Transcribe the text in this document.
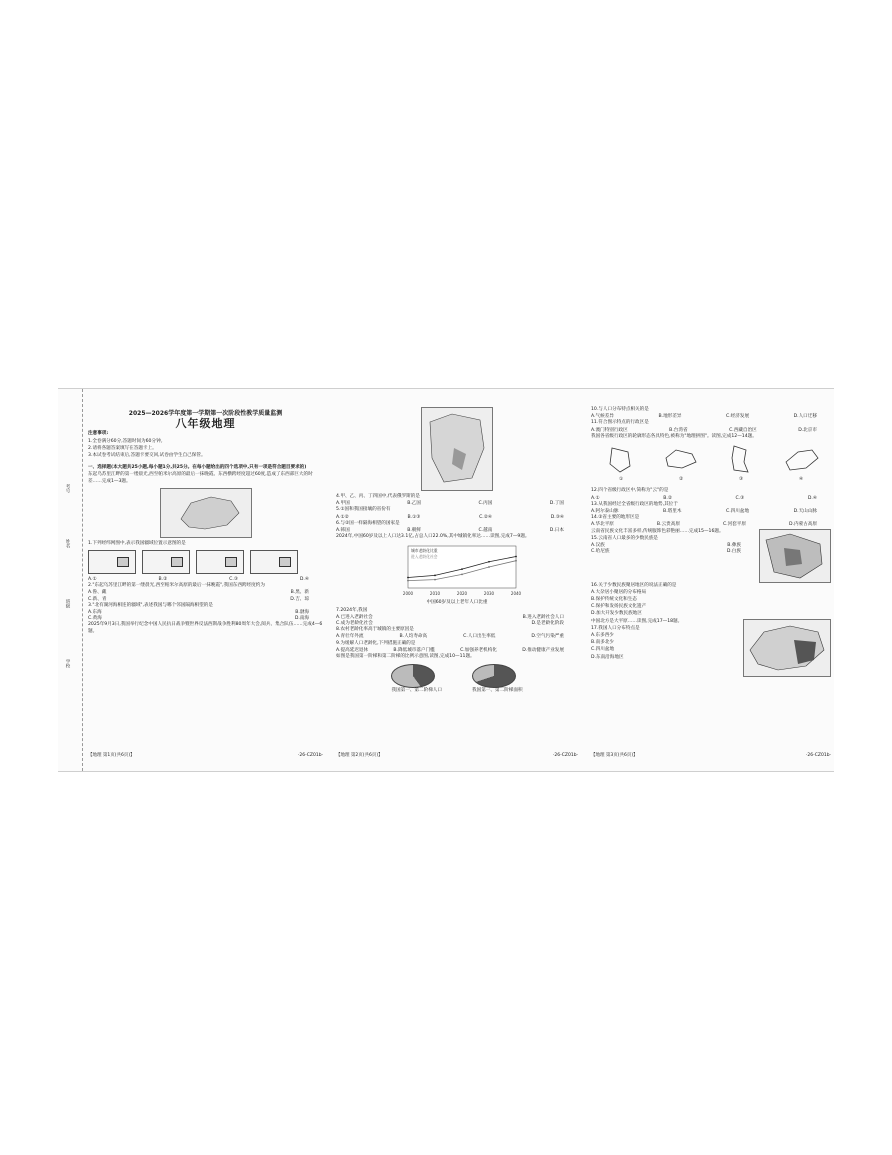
考号
姓名
班级
学校
2025—2026学年度第一学期第一次阶段性教学质量监测
八年级地理

注意事项:

1.全卷满分60分,答题时间为60分钟。

2.请将各题答案填写在答题卡上。

3.本试卷考试结束后,答题卡要交回,试卷由学生自己保管。

一、选择题(本大题共25小题,每小题1分,共25分。在每小题给出的四个选项中,只有一项是符合题目要求的)

东起乌苏里江畔的第一缕晨光,西至帕米尔高原的最后一抹晚霞。东西横跨经度超过60度,造成了东西部巨大的时差……完成1—3题。

1.下列经纬网图中,表示我国疆域位置示意图的是

A.①	B.②	C.③	D.④

2."东起乌苏里江畔的第一缕晨光,西至帕米尔高原的最后一抹晚霞",我国东西跨经度约为

A.鲁、藏	B.黑、新
C.新、青	D.吉、琼

3."北有湖河海相连的疆域",表述我国与哪个邻国隔海相望的是

A.东海	B.渤海
C.黄海	D.南海

2025年9月3日,我国举行纪念中国人民抗日战争暨世界反法西斯战争胜利80周年大会,阅兵、集合队伍……完成4—6题。

【地理 第1页(共6页)】	·26-CZ01b·

4.甲、乙、丙、丁四国中,代表俄罗斯的是

A.甲国	B.乙国	C.丙国	D.丁国

5.①国和我国接壤的省份有

A.①②	B.①③	C.②④	D.③④

6.与②国一样隔海相望的国家是

A.韩国	B.朝鲜	C.越南	D.日本

2024年,中国60岁及以上人口达3.1亿,占总人口22.0%,其中城镇化率达……读图,完成7—9题。

2000	2010	2020	2030	2040
城市老龄化比重
进入老龄化社会

中国60岁及以上老年人口比重

7.2024年,我国

A.已进入老龄社会	B.进入老龄社会人口
C.成为老龄化社会	D.是老龄化阶段

8.农村老龄化率高于城镇的主要原因是

A.青壮年外流	B.人均寿命高	C.人口出生率低	D.空气污染严重

9.为缓解人口老龄化,下列措施正确的是

A.提高延迟退休	B.降低城市落户门槛	C.加强养老机构化	D.推动健康产业发展

如图是我国第一阶梯和第二阶梯的比例示意图,读图,完成10—11题。

我国第一、第二阶梯人口	我国第一、第二阶梯面积

【地理 第2页(共6页)】	·26-CZ01b·

10.与人口分布特点相关的是

A.气候差异	B.地形差异	C.经济发展	D.人口迁移

11.符合图示特点的行政区是

A.澳门特别行政区	B.台湾省	C.西藏自治区	D.北京市

我国各省级行政区的轮廓形态各具特色,被称为"地理拼图"。读图,完成12—14题。

①	②	③	④

12.四个省级行政区中,简称为"云"的是

A.①	B.②	C.③	D.④

13.从我国经过全省级行政区的地势,其位于

A.阿尔泰山脉	B.塔里木	C.四川盆地	D.天山山脉

14.②省主要的地形区是

A.华北平原	B.云贵高原	C.河套平原	D.内蒙古高原

云南省民族文化丰富多样,传统服饰色彩艳丽……完成15—16题。

15.云南省人口最多的少数民族是

A.汉族	B.彝族
C.哈尼族	D.白族

16.关于少数民族聚居地区的说法正确的是

A.大杂居小聚居的分布格局

B.保护传统文化和生态

C.保护和发扬民族文化遗产

D.加大开发少数民族地区

中国北方是大平原……读图,完成17—18题。

17.我国人口分布特点是

A.东多西少

B.南多北少

C.四川盆地

D.东南沿海地区

【地理 第3页(共6页)】	·26-CZ01b·
